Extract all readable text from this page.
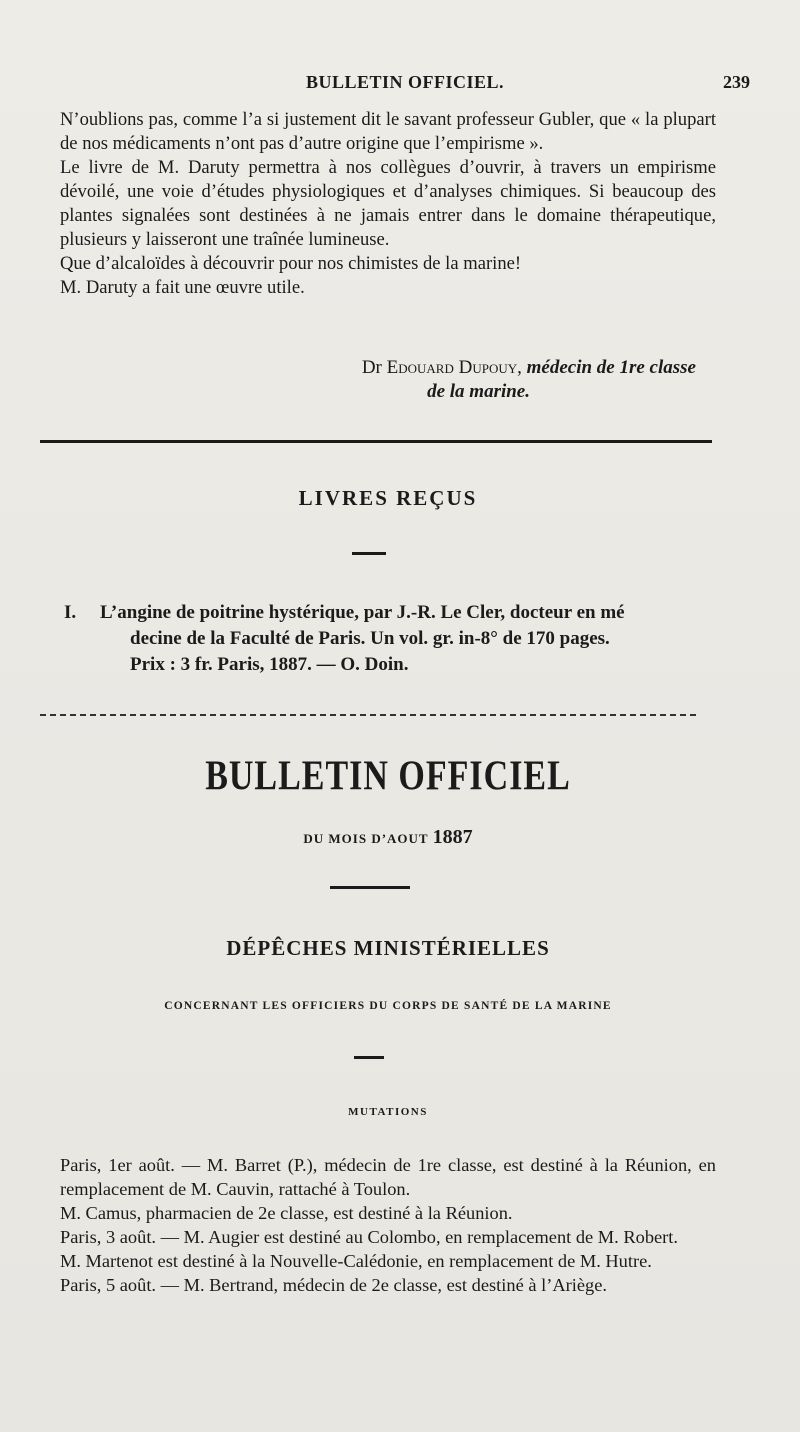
BULLETIN OFFICIEL.	239

N’oublions pas, comme l’a si justement dit le savant professeur Gubler, que « la plupart de nos médicaments n’ont pas d’autre origine que l’empirisme ».

Le livre de M. Daruty permettra à nos collègues d’ouvrir, à travers un empirisme dévoilé, une voie d’études physiologiques et d’analyses chimiques. Si beaucoup des plantes signalées sont destinées à ne jamais entrer dans le domaine thérapeutique, plusieurs y laisseront une traînée lumineuse.

Que d’alcaloïdes à découvrir pour nos chimistes de la marine!

M. Daruty a fait une œuvre utile.

Dr Edouard Dupouy, médecin de 1re classe
de la marine.
LIVRES REÇUS
I.	L’angine de poitrine hystérique, par J.-R. Le Cler, docteur en mé
decine de la Faculté de Paris. Un vol. gr. in-8° de 170 pages.
Prix : 3 fr. Paris, 1887. — O. Doin.
BULLETIN OFFICIEL
DU MOIS D’AOUT 1887
DÉPÊCHES MINISTÉRIELLES
CONCERNANT LES OFFICIERS DU CORPS DE SANTÉ DE LA MARINE
MUTATIONS

Paris, 1er août. — M. Barret (P.), médecin de 1re classe, est destiné à la Réunion, en remplacement de M. Cauvin, rattaché à Toulon.

M. Camus, pharmacien de 2e classe, est destiné à la Réunion.

Paris, 3 août. — M. Augier est destiné au Colombo, en remplacement de M. Robert.

M. Martenot est destiné à la Nouvelle-Calédonie, en remplacement de M. Hutre.

Paris, 5 août. — M. Bertrand, médecin de 2e classe, est destiné à l’Ariège.
